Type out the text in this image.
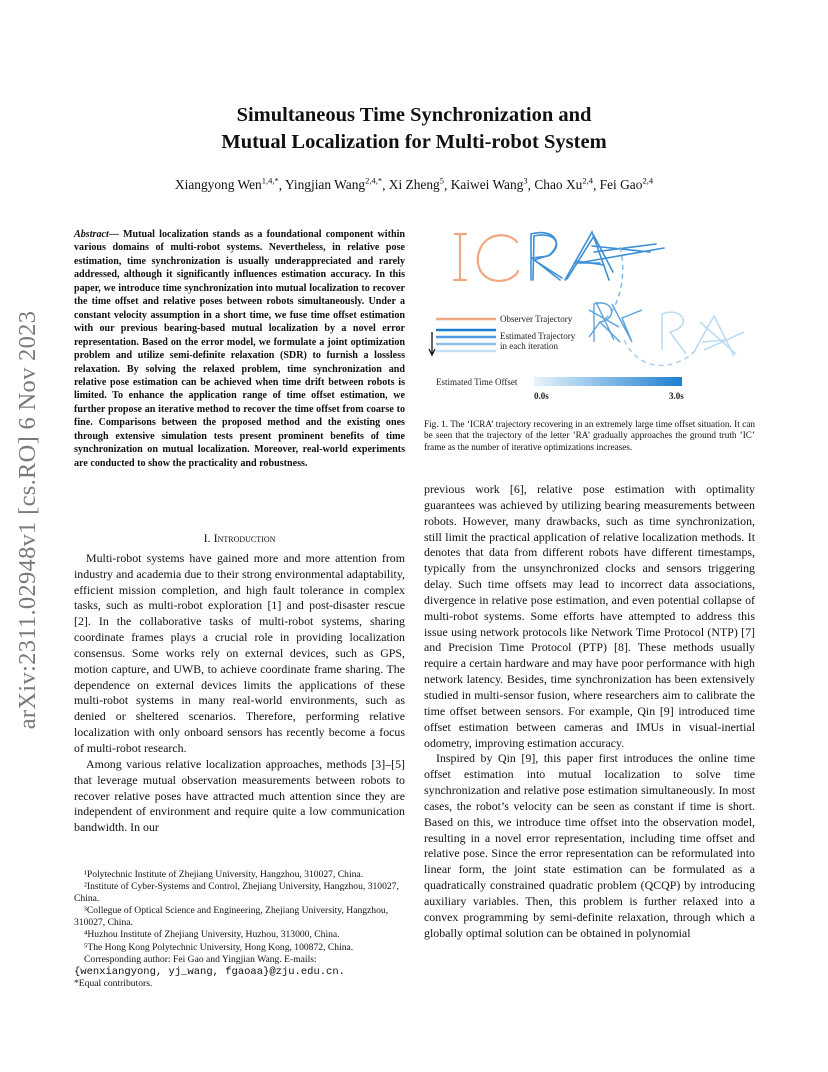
arXiv:2311.02948v1 [cs.RO] 6 Nov 2023
Simultaneous Time Synchronization and
Mutual Localization for Multi-robot System
Xiangyong Wen$^{1,4,*}$, Yingjian Wang$^{2,4,*}$, Xi Zheng$^5$, Kaiwei Wang$^3$, Chao Xu$^{2,4}$, Fei Gao$^{2,4}$
Abstract— Mutual localization stands as a foundational component within various domains of multi-robot systems. Nevertheless, in relative pose estimation, time synchronization is usually underappreciated and rarely addressed, although it significantly influences estimation accuracy. In this paper, we introduce time synchronization into mutual localization to recover the time offset and relative poses between robots simultaneously. Under a constant velocity assumption in a short time, we fuse time offset estimation with our previous bearing-based mutual localization by a novel error representation. Based on the error model, we formulate a joint optimization problem and utilize semi-definite relaxation (SDR) to furnish a lossless relaxation. By solving the relaxed problem, time synchronization and relative pose estimation can be achieved when time drift between robots is limited. To enhance the application range of time offset estimation, we further propose an iterative method to recover the time offset from coarse to fine. Comparisons between the proposed method and the existing ones through extensive simulation tests present prominent benefits of time synchronization on mutual localization. Moreover, real-world experiments are conducted to show the practicality and robustness.
I. Introduction

Multi-robot systems have gained more and more attention from industry and academia due to their strong environmental adaptability, efficient mission completion, and high fault tolerance in complex tasks, such as multi-robot exploration [1] and post-disaster rescue [2]. In the collaborative tasks of multi-robot systems, sharing coordinate frames plays a crucial role in providing localization consensus. Some works rely on external devices, such as GPS, motion capture, and UWB, to achieve coordinate frame sharing. The dependence on external devices limits the applications of these multi-robot systems in many real-world environments, such as denied or sheltered scenarios. Therefore, performing relative localization with only onboard sensors has recently become a focus of multi-robot research.

Among various relative localization approaches, methods [3]–[5] that leverage mutual observation measurements between robots to recover relative poses have attracted much attention since they are independent of environment and require quite a low communication bandwidth. In our

¹Polytechnic Institute of Zhejiang University, Hangzhou, 310027, China.
²Institute of Cyber-Systems and Control, Zhejiang University, Hangzhou, 310027, China.
³Collegue of Optical Science and Engineering, Zhejiang University, Hangzhou, 310027, China.
⁴Huzhou Institute of Zhejiang University, Huzhou, 313000, China.
⁵The Hong Kong Polytechnic University, Hong Kong, 100872, China.
Corresponding author: Fei Gao and Yingjian Wang. E-mails:
{wenxiangyong, yj_wang, fgaoaa}@zju.edu.cn.
*Equal contributors.
Observer Trajectory
Estimated Trajectory
in each iteration
Estimated Time Offset
0.0s	3.0s
Fig. 1. The ‘ICRA’ trajectory recovering in an extremely large time offset situation. It can be seen that the trajectory of the letter ’RA’ gradually approaches the ground truth ’IC’ frame as the number of iterative optimizations increases.

previous work [6], relative pose estimation with optimality guarantees was achieved by utilizing bearing measurements between robots. However, many drawbacks, such as time synchronization, still limit the practical application of relative localization methods. It denotes that data from different robots have different timestamps, typically from the unsynchronized clocks and sensors triggering delay. Such time offsets may lead to incorrect data associations, divergence in relative pose estimation, and even potential collapse of multi-robot systems. Some efforts have attempted to address this issue using network protocols like Network Time Protocol (NTP) [7] and Precision Time Protocol (PTP) [8]. These methods usually require a certain hardware and may have poor performance with high network latency. Besides, time synchronization has been extensively studied in multi-sensor fusion, where researchers aim to calibrate the time offset between sensors. For example, Qin [9] introduced time offset estimation between cameras and IMUs in visual-inertial odometry, improving estimation accuracy.

Inspired by Qin [9], this paper first introduces the online time offset estimation into mutual localization to solve time synchronization and relative pose estimation simultaneously. In most cases, the robot’s velocity can be seen as constant if time is short. Based on this, we introduce time offset into the observation model, resulting in a novel error representation, including time offset and relative pose. Since the error representation can be reformulated into linear form, the joint state estimation can be formulated as a quadratically constrained quadratic problem (QCQP) by introducing auxiliary variables. Then, this problem is further relaxed into a convex programming by semi-definite relaxation, through which a globally optimal solution can be obtained in polynomial
